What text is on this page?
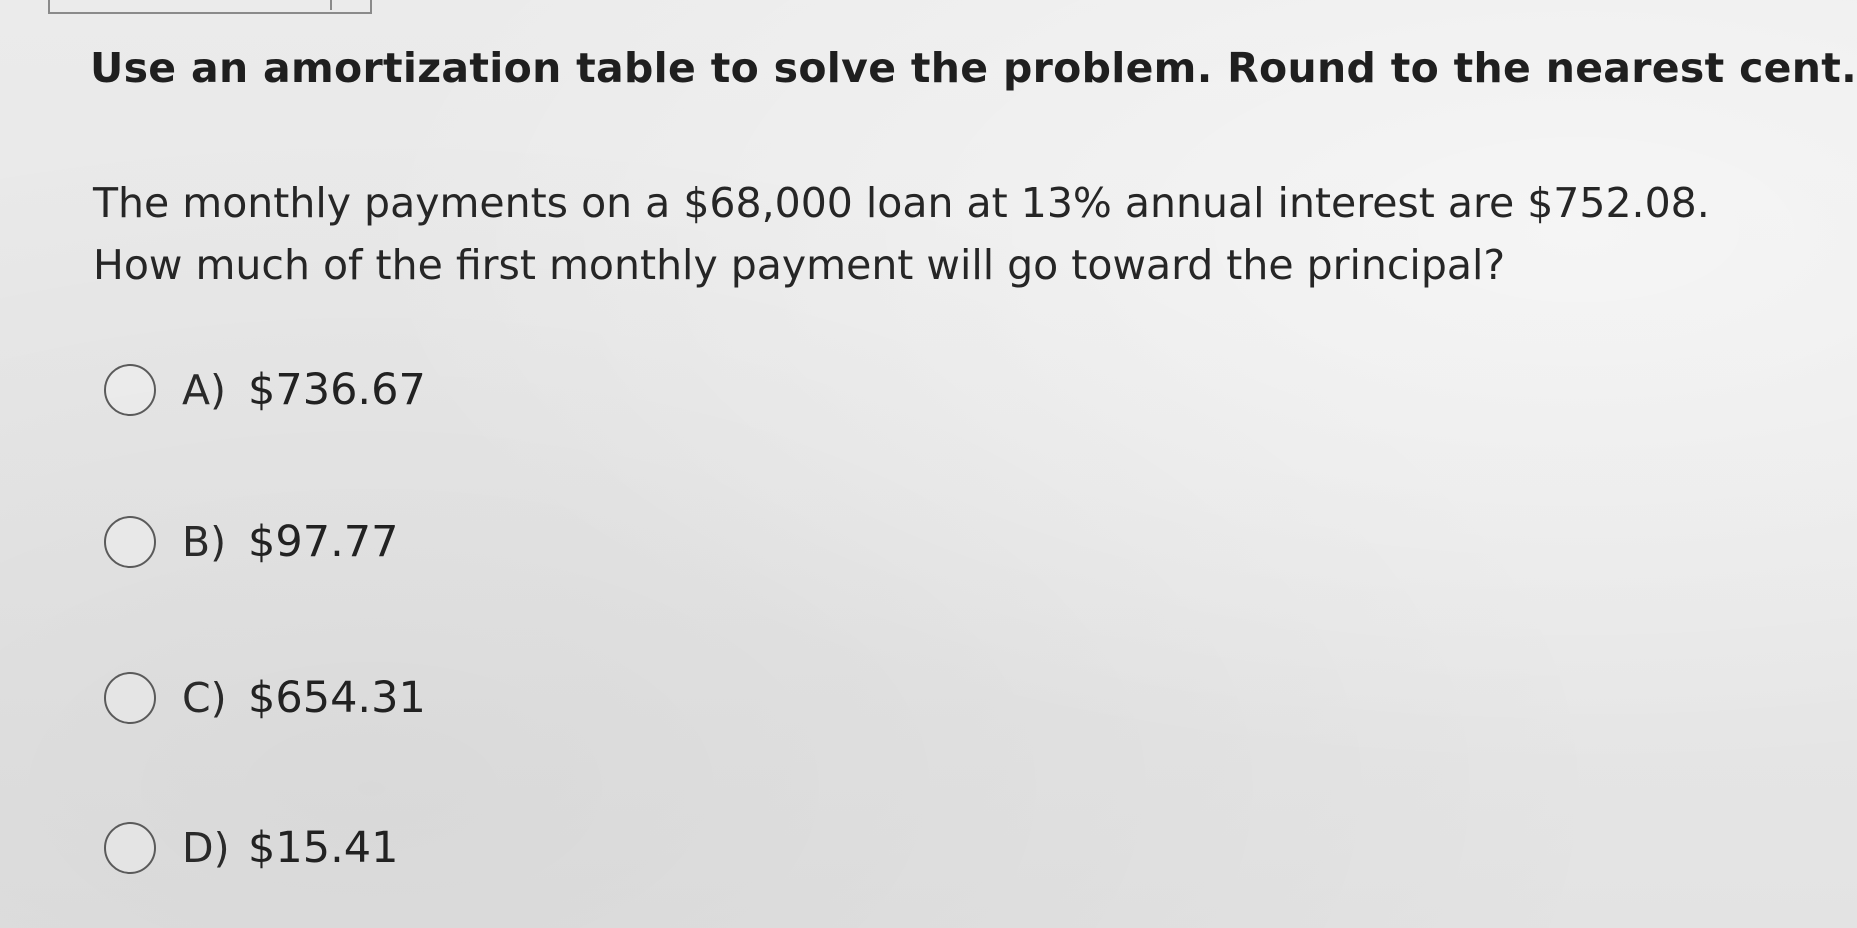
Use an amortization table to solve the problem. Round to the nearest cent.
The monthly payments on a $68,000 loan at 13% annual interest are $752.08. How much of the first monthly payment will go toward the principal?
A) $736.67
B) $97.77
C) $654.31
D) $15.41
